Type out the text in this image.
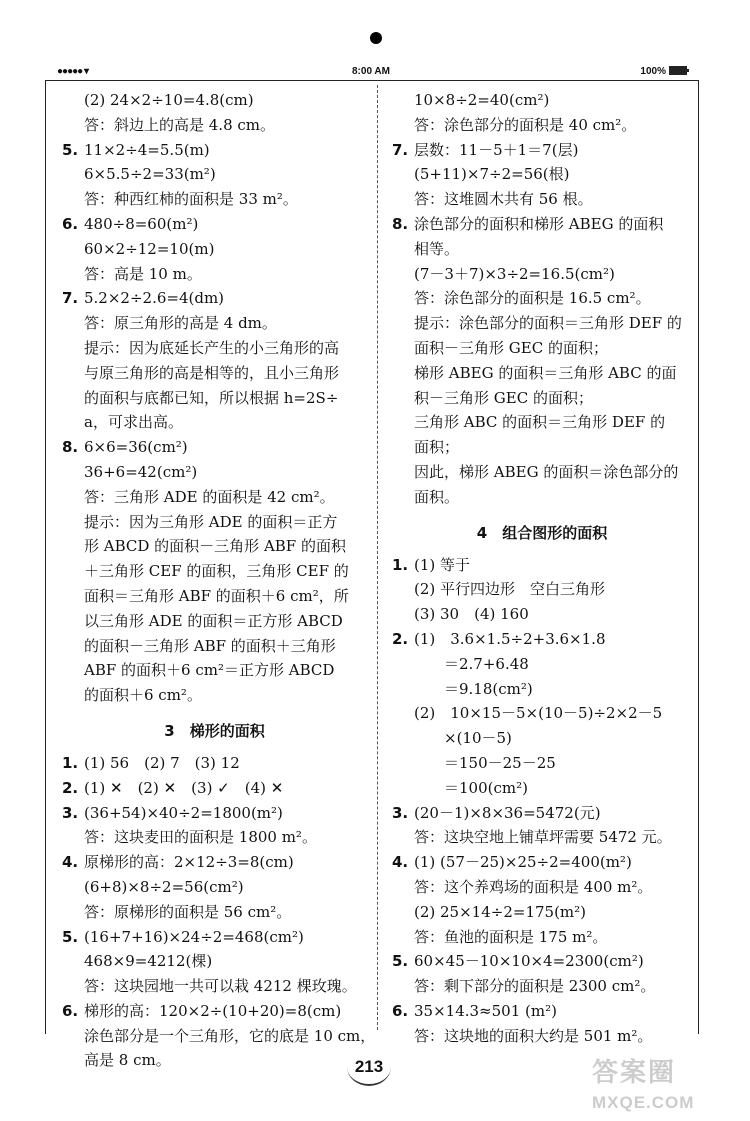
●●●●● ▾	8:00 AM	100%
(2) 24×2÷10=4.8(cm)
答：斜边上的高是 4.8 cm。
5. 11×2÷4=5.5(m)
6×5.5÷2=33(m²)
答：种西红柿的面积是 33 m²。
6. 480÷8=60(m²)
60×2÷12=10(m)
答：高是 10 m。
7. 5.2×2÷2.6=4(dm)
答：原三角形的高是 4 dm。
提示：因为底延长产生的小三角形的高
与原三角形的高是相等的，且小三角形
的面积与底都已知，所以根据 h=2S÷
a，可求出高。
8. 6×6=36(cm²)
36+6=42(cm²)
答：三角形 ADE 的面积是 42 cm²。
提示：因为三角形 ADE 的面积＝正方
形 ABCD 的面积－三角形 ABF 的面积
＋三角形 CEF 的面积，三角形 CEF 的
面积＝三角形 ABF 的面积＋6 cm²，所
以三角形 ADE 的面积＝正方形 ABCD
的面积－三角形 ABF 的面积＋三角形
ABF 的面积＋6 cm²＝正方形 ABCD
的面积＋6 cm²。
3　梯形的面积
1. (1) 56　(2) 7　(3) 12
2. (1) ✕　(2) ✕　(3) ✓　(4) ✕
3. (36+54)×40÷2=1800(m²)
答：这块麦田的面积是 1800 m²。
4. 原梯形的高：2×12÷3=8(cm)
(6+8)×8÷2=56(cm²)
答：原梯形的面积是 56 cm²。
5. (16+7+16)×24÷2=468(cm²)
468×9=4212(棵)
答：这块园地一共可以栽 4212 棵玫瑰。
6. 梯形的高：120×2÷(10+20)=8(cm)
涂色部分是一个三角形，它的底是 10 cm，
高是 8 cm。
10×8÷2=40(cm²)
答：涂色部分的面积是 40 cm²。
7. 层数：11－5＋1＝7(层)
(5+11)×7÷2=56(根)
答：这堆圆木共有 56 根。
8. 涂色部分的面积和梯形 ABEG 的面积
相等。
(7－3＋7)×3÷2=16.5(cm²)
答：涂色部分的面积是 16.5 cm²。
提示：涂色部分的面积＝三角形 DEF 的
面积－三角形 GEC 的面积；
梯形 ABEG 的面积＝三角形 ABC 的面
积－三角形 GEC 的面积；
三角形 ABC 的面积＝三角形 DEF 的
面积；
因此，梯形 ABEG 的面积＝涂色部分的
面积。
4　组合图形的面积
1. (1) 等于
(2) 平行四边形　空白三角形
(3) 30　(4) 160
2. (1)　3.6×1.5÷2+3.6×1.8
　　＝2.7+6.48
　　＝9.18(cm²)
(2)　10×15－5×(10－5)÷2×2－5
　　×(10－5)
　　＝150－25－25
　　＝100(cm²)
3. (20－1)×8×36=5472(元)
答：这块空地上铺草坪需要 5472 元。
4. (1) (57－25)×25÷2=400(m²)
答：这个养鸡场的面积是 400 m²。
(2) 25×14÷2=175(m²)
答：鱼池的面积是 175 m²。
5. 60×45－10×10×4=2300(cm²)
答：剩下部分的面积是 2300 cm²。
6. 35×14.3≈501 (m²)
答：这块地的面积大约是 501 m²。
213	答案圈
MXQE.COM
